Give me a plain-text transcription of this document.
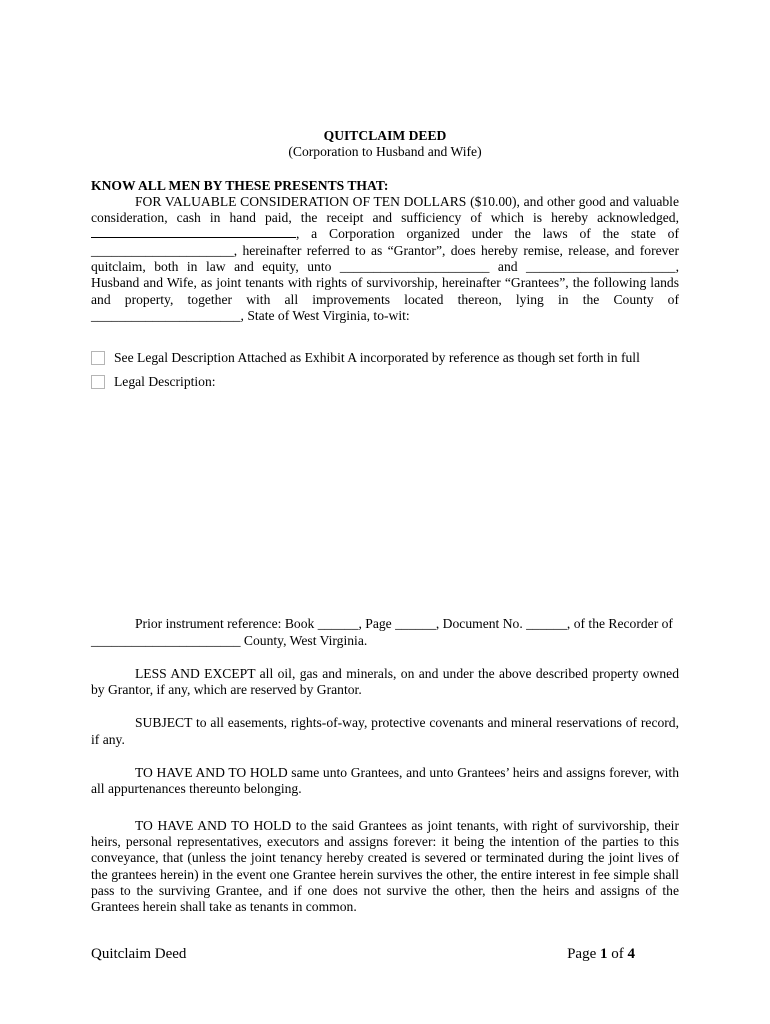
QUITCLAIM DEED
(Corporation to Husband and Wife)
KNOW ALL MEN BY THESE PRESENTS THAT:

FOR VALUABLE CONSIDERATION OF TEN DOLLARS ($10.00), and other good and valuable consideration, cash in hand paid, the receipt and sufficiency of which is hereby acknowledged, , a Corporation organized under the laws of the state of _____________________, hereinafter referred to as “Grantor”, does hereby remise, release, and forever quitclaim, both in law and equity, unto ______________________ and ______________________, Husband and Wife, as joint tenants with rights of survivorship, hereinafter “Grantees”, the following lands and property, together with all improvements located thereon, lying in the County of ______________________, State of West Virginia, to-wit:

See Legal Description Attached as Exhibit A incorporated by reference as though set forth in full
Legal Description:

Prior instrument reference: Book ______, Page ______, Document No. ______, of the Recorder of
______________________ County, West Virginia.

LESS AND EXCEPT all oil, gas and minerals, on and under the above described property owned by Grantor, if any, which are reserved by Grantor.

SUBJECT to all easements, rights-of-way, protective covenants and mineral reservations of record, if any.

TO HAVE AND TO HOLD same unto Grantees, and unto Grantees’ heirs and assigns forever, with all appurtenances thereunto belonging.

TO HAVE AND TO HOLD to the said Grantees as joint tenants, with right of survivorship, their heirs, personal representatives, executors and assigns forever: it being the intention of the parties to this conveyance, that (unless the joint tenancy hereby created is severed or terminated during the joint lives of the grantees herein) in the event one Grantee herein survives the other, the entire interest in fee simple shall pass to the surviving Grantee, and if one does not survive the other, then the heirs and assigns of the Grantees herein shall take as tenants in common.

Quitclaim Deed	Page 1 of 4
